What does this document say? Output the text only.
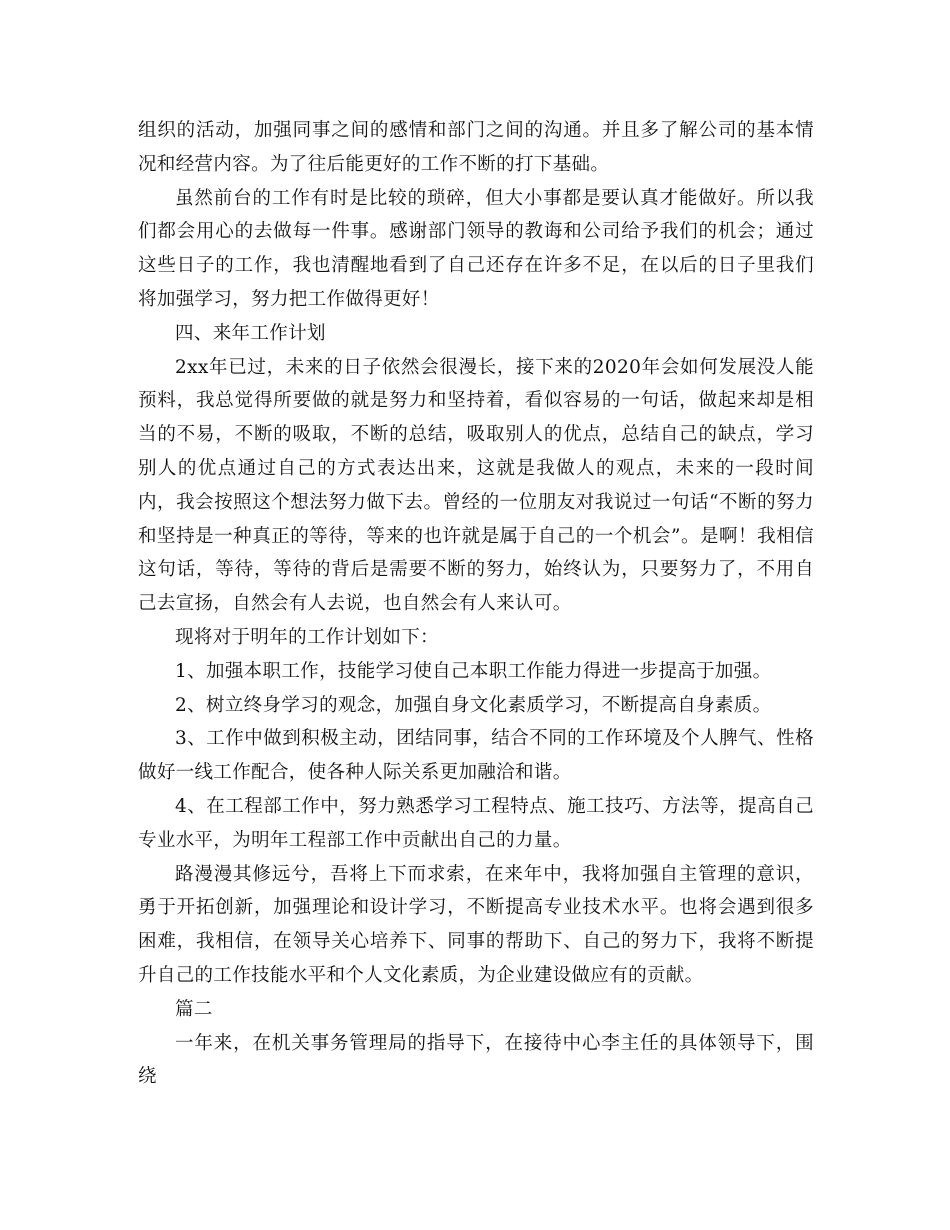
组织的活动，加强同事之间的感情和部门之间的沟通。并且多了解公司的基本情况和经营内容。为了往后能更好的工作不断的打下基础。

虽然前台的工作有时是比较的琐碎，但大小事都是要认真才能做好。所以我们都会用心的去做每一件事。感谢部门领导的教诲和公司给予我们的机会；通过这些日子的工作，我也清醒地看到了自己还存在许多不足，在以后的日子里我们将加强学习，努力把工作做得更好！

四、来年工作计划

2xx年已过，未来的日子依然会很漫长，接下来的2020年会如何发展没人能预料，我总觉得所要做的就是努力和坚持着，看似容易的一句话，做起来却是相当的不易，不断的吸取，不断的总结，吸取别人的优点，总结自己的缺点，学习别人的优点通过自己的方式表达出来，这就是我做人的观点，未来的一段时间内，我会按照这个想法努力做下去。曾经的一位朋友对我说过一句话“不断的努力和坚持是一种真正的等待，等来的也许就是属于自己的一个机会”。是啊！我相信这句话，等待，等待的背后是需要不断的努力，始终认为，只要努力了，不用自己去宣扬，自然会有人去说，也自然会有人来认可。

现将对于明年的工作计划如下：

1、加强本职工作，技能学习使自己本职工作能力得进一步提高于加强。

2、树立终身学习的观念，加强自身文化素质学习，不断提高自身素质。

3、工作中做到积极主动，团结同事，结合不同的工作环境及个人脾气、性格做好一线工作配合，使各种人际关系更加融洽和谐。

4、在工程部工作中，努力熟悉学习工程特点、施工技巧、方法等，提高自己专业水平，为明年工程部工作中贡献出自己的力量。

路漫漫其修远兮，吾将上下而求索，在来年中，我将加强自主管理的意识，勇于开拓创新，加强理论和设计学习，不断提高专业技术水平。也将会遇到很多困难，我相信，在领导关心培养下、同事的帮助下、自己的努力下，我将不断提升自己的工作技能水平和个人文化素质，为企业建设做应有的贡献。

篇二

一年来，在机关事务管理局的指导下，在接待中心李主任的具体领导下，围绕
